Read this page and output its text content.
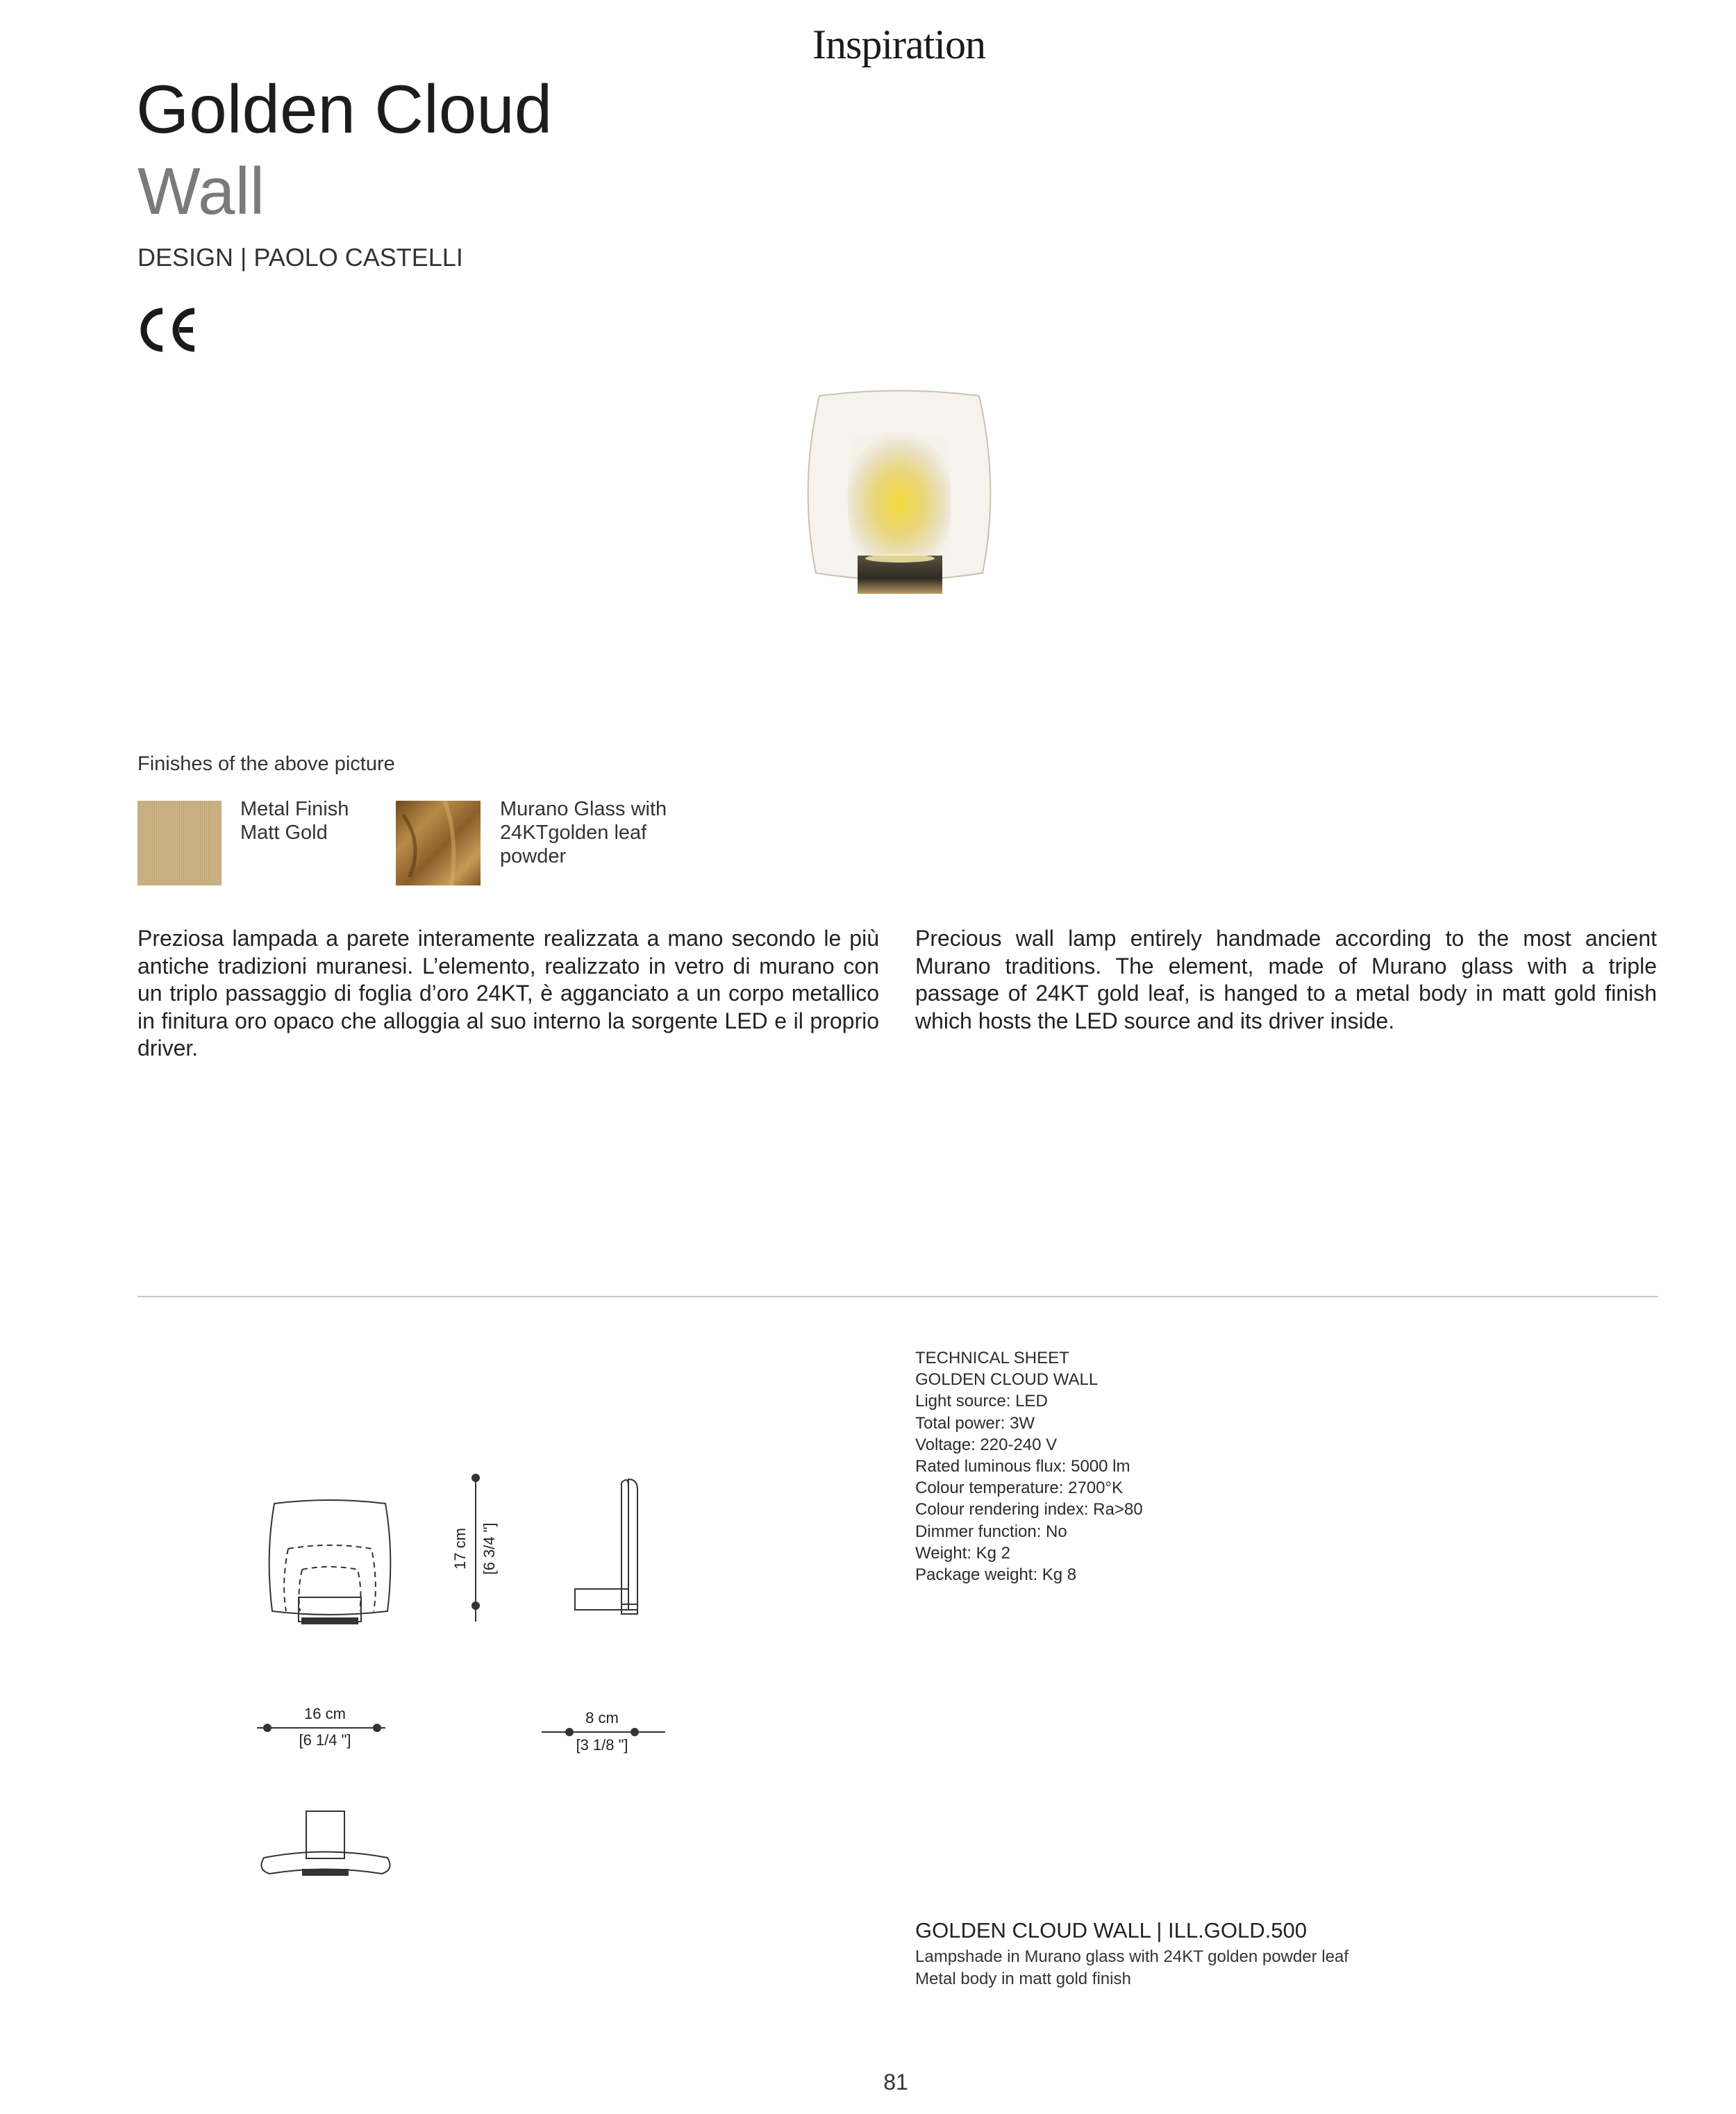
Inspiration
Golden Cloud
Wall
DESIGN | PAOLO CASTELLI
Finishes of the above picture
Metal Finish
Matt Gold
Murano Glass with
24KTgolden leaf
powder

Preziosa lampada a parete interamente realizzata a mano secondo le più antiche tradizioni muranesi. L’elemento, realizzato in vetro di murano con un triplo passaggio di foglia d’oro 24KT, è agganciato a un corpo metallico in finitura oro opaco che alloggia al suo interno la sorgente LED e il proprio driver.

Precious wall lamp entirely handmade according to the most ancient Murano traditions. The element, made of Murano glass with a triple passage of 24KT gold leaf, is hanged to a metal body in matt gold finish which hosts the LED source and its driver inside.

TECHNICAL SHEET
GOLDEN CLOUD WALL
Light source: LED
Total power: 3W
Voltage: 220-240 V
Rated luminous flux: 5000 lm
Colour temperature: 2700°K
Colour rendering index: Ra>80
Dimmer function: No
Weight: Kg 2
Package weight: Kg 8
17 cm [6 3/4 "]
16 cm
[6 1/4 "]
8 cm
[3 1/8 "]
GOLDEN CLOUD WALL | ILL.GOLD.500
Lampshade in Murano glass with 24KT golden powder leaf
Metal body in matt gold finish
81
